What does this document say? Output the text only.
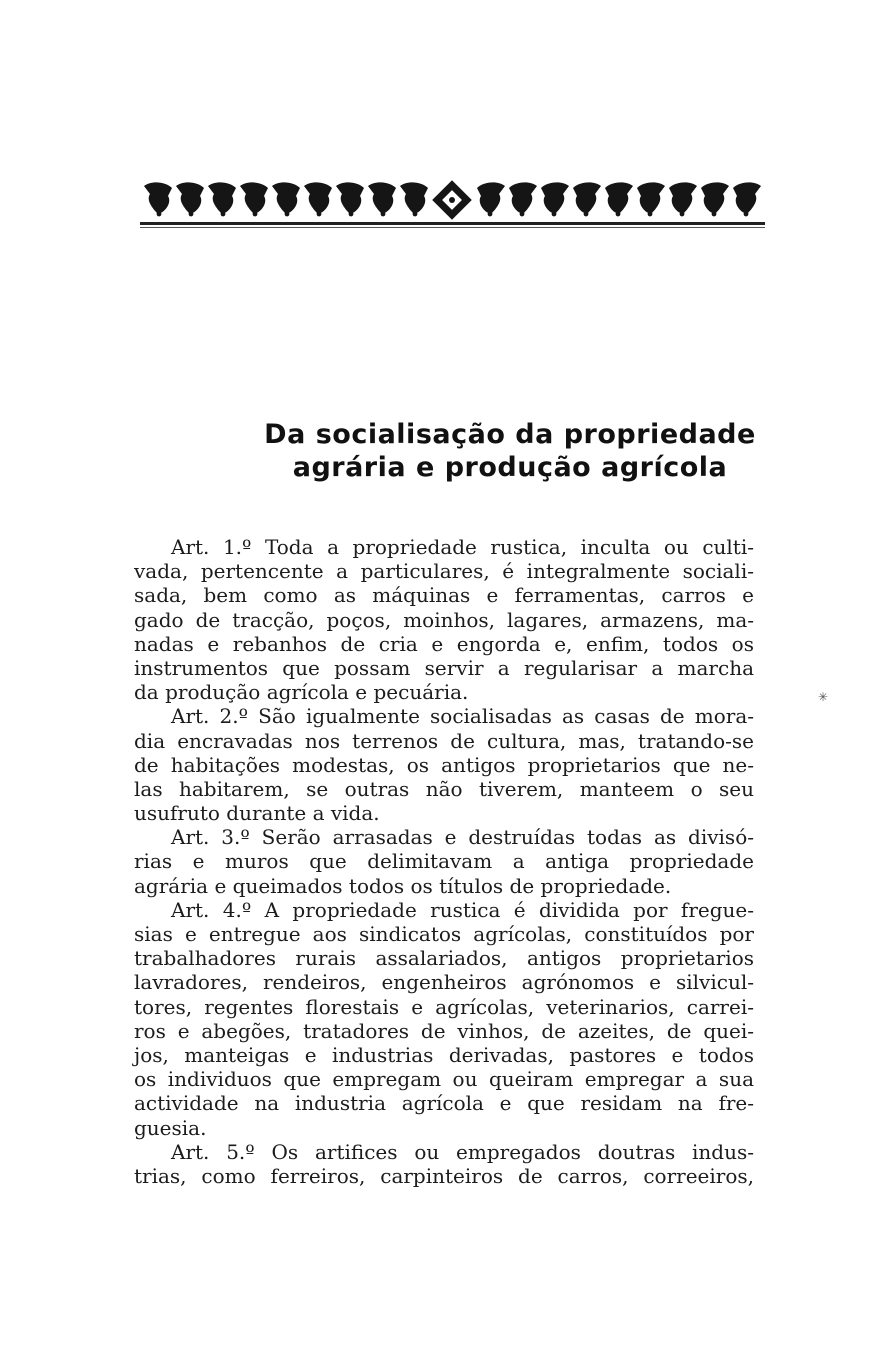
Da socialisação da propriedade
agrária e produção agrícola
Art. 1.º Toda a propriedade rustica, inculta ou culti-
vada, pertencente a particulares, é integralmente sociali-
sada, bem como as máquinas e ferramentas, carros e
gado de tracção, poços, moinhos, lagares, armazens, ma-
nadas e rebanhos de cria e engorda e, enfim, todos os
instrumentos que possam servir a regularisar a marcha
da produção agrícola e pecuária.
Art. 2.º São igualmente socialisadas as casas de mora-
dia encravadas nos terrenos de cultura, mas, tratando-se
de habitações modestas, os antigos proprietarios que ne-
las habitarem, se outras não tiverem, manteem o seu
usufruto durante a vida.
Art. 3.º Serão arrasadas e destruídas todas as divisó-
rias e muros que delimitavam a antiga propriedade
agrária e queimados todos os títulos de propriedade.
Art. 4.º A propriedade rustica é dividida por fregue-
sias e entregue aos sindicatos agrícolas, constituídos por
trabalhadores rurais assalariados, antigos proprietarios
lavradores, rendeiros, engenheiros agrónomos e silvicul-
tores, regentes florestais e agrícolas, veterinarios, carrei-
ros e abegões, tratadores de vinhos, de azeites, de quei-
jos, manteigas e industrias derivadas, pastores e todos
os individuos que empregam ou queiram empregar a sua
actividade na industria agrícola e que residam na fre-
guesia.
Art. 5.º Os artifices ou empregados doutras indus-
trias, como ferreiros, carpinteiros de carros, correeiros,
✳
